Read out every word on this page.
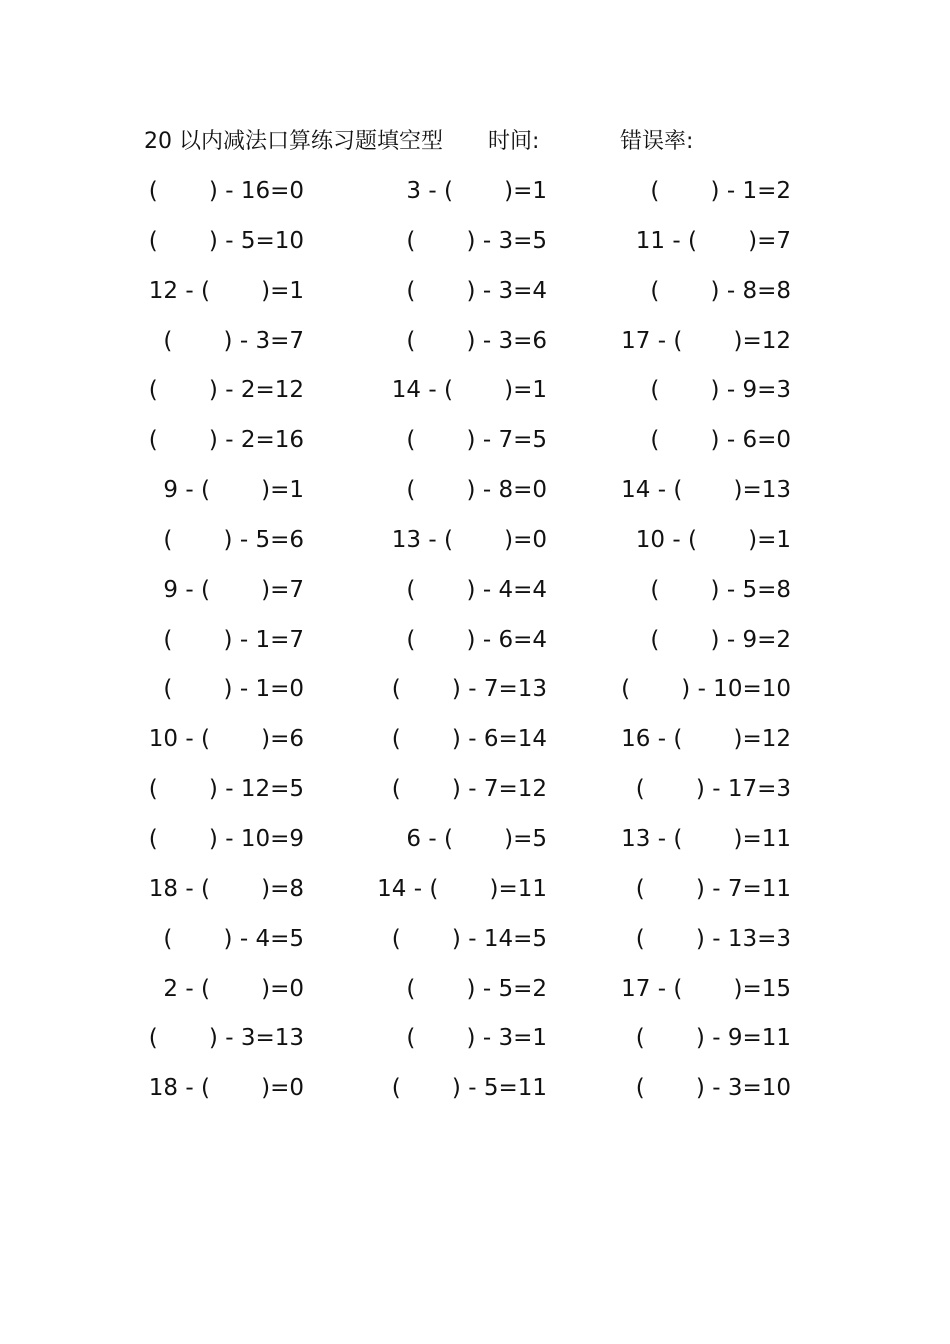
20 以内减法口算练习题填空型 时间:	错误率:
(       ) - 16=0	3 - (       )=1	(       ) - 1=2
(       ) - 5=10	(       ) - 3=5	11 - (       )=7
12 - (       )=1	(       ) - 3=4	(       ) - 8=8
(       ) - 3=7	(       ) - 3=6	17 - (       )=12
(       ) - 2=12	14 - (       )=1	(       ) - 9=3
(       ) - 2=16	(       ) - 7=5	(       ) - 6=0
9 - (       )=1	(       ) - 8=0	14 - (       )=13
(       ) - 5=6	13 - (       )=0	10 - (       )=1
9 - (       )=7	(       ) - 4=4	(       ) - 5=8
(       ) - 1=7	(       ) - 6=4	(       ) - 9=2
(       ) - 1=0	(       ) - 7=13	(       ) - 10=10
10 - (       )=6	(       ) - 6=14	16 - (       )=12
(       ) - 12=5	(       ) - 7=12	(       ) - 17=3
(       ) - 10=9	6 - (       )=5	13 - (       )=11
18 - (       )=8	14 - (       )=11	(       ) - 7=11
(       ) - 4=5	(       ) - 14=5	(       ) - 13=3
2 - (       )=0	(       ) - 5=2	17 - (       )=15
(       ) - 3=13	(       ) - 3=1	(       ) - 9=11
18 - (       )=0	(       ) - 5=11	(       ) - 3=10
